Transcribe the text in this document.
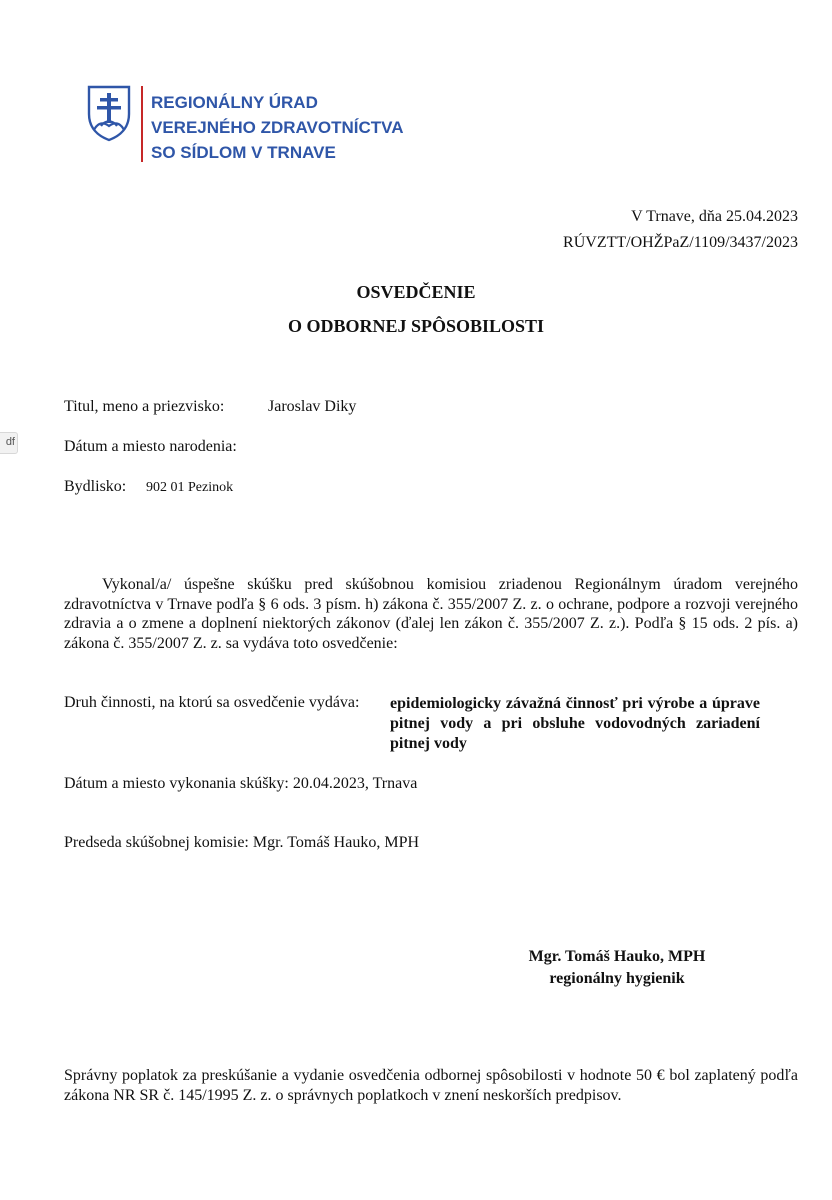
REGIONÁLNY ÚRAD
VEREJNÉHO ZDRAVOTNÍCTVA
SO SÍDLOM V TRNAVE
df
V Trnave, dňa 25.04.2023
RÚVZTT/OHŽPaZ/1109/3437/2023
OSVEDČENIE
O ODBORNEJ SPÔSOBILOSTI
Titul, meno a priezvisko:	Jaroslav Diky
Dátum a miesto narodenia:
Bydlisko: 902 01 Pezinok
Vykonal/a/ úspešne skúšku pred skúšobnou komisiou zriadenou Regionálnym úradom verejného zdravotníctva v Trnave podľa § 6 ods. 3 písm. h) zákona č. 355/2007 Z. z. o ochrane, podpore a rozvoji verejného zdravia a o zmene a doplnení niektorých zákonov (ďalej len zákon č. 355/2007 Z. z.). Podľa § 15 ods. 2 pís. a) zákona č. 355/2007 Z. z. sa vydáva toto osvedčenie:
Druh činnosti, na ktorú sa osvedčenie vydáva: epidemiologicky závažná činnosť pri výrobe a úprave pitnej vody a pri obsluhe vodovodných zariadení pitnej vody
Dátum a miesto vykonania skúšky: 20.04.2023, Trnava
Predseda skúšobnej komisie: Mgr. Tomáš Hauko, MPH
Mgr. Tomáš Hauko, MPH
regionálny hygienik
Správny poplatok za preskúšanie a vydanie osvedčenia odbornej spôsobilosti v hodnote 50 € bol zaplatený podľa zákona NR SR č. 145/1995 Z. z. o správnych poplatkoch v znení neskorších predpisov.
